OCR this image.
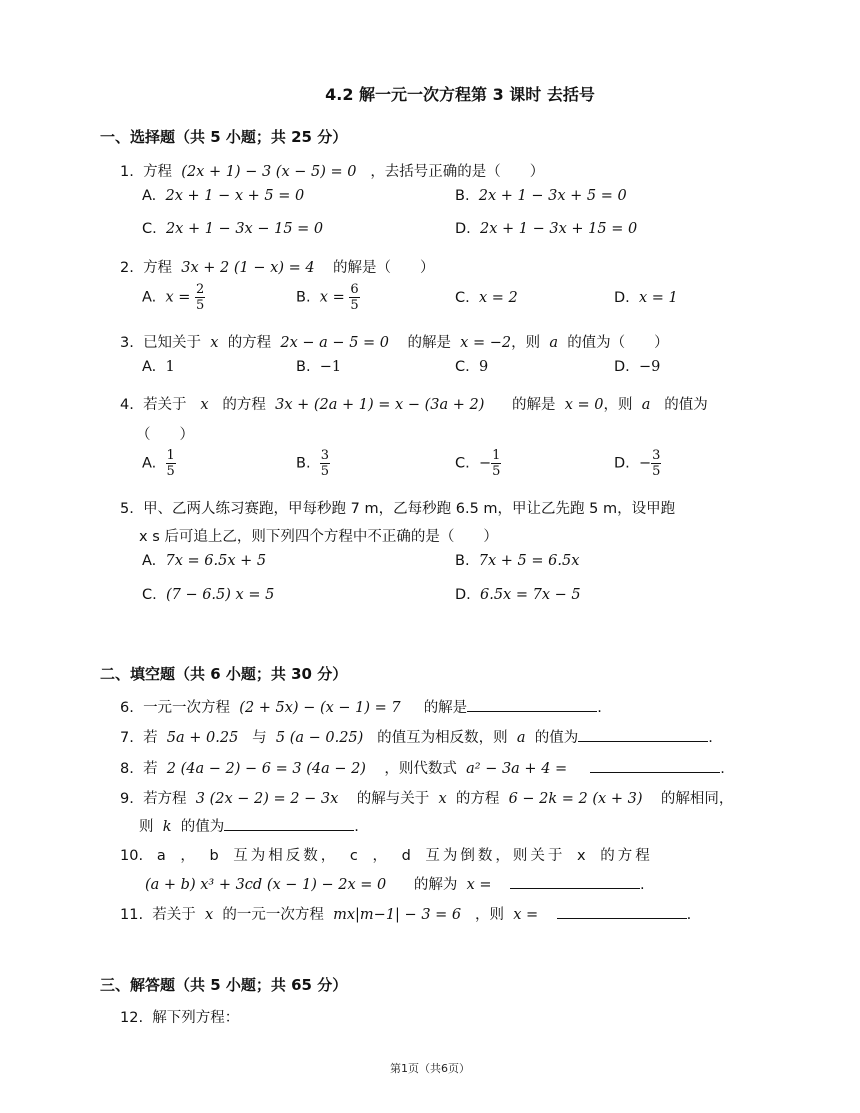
4.2 解一元一次方程第 3 课时 去括号
一、选择题（共 5 小题；共 25 分）
1. 方程 (2x + 1) − 3 (x − 5) = 0 ，去括号正确的是（　　）
A. 2x + 1 − x + 5 = 0	B. 2x + 1 − 3x + 5 = 0
C. 2x + 1 − 3x − 15 = 0	D. 2x + 1 − 3x + 15 = 0
2. 方程 3x + 2 (1 − x) = 4 的解是（　　）
A. $x = \frac{2}{5}$	B. $x = \frac{6}{5}$	C. x = 2	D. x = 1
3. 已知关于 x 的方程 2x − a − 5 = 0 的解是 x = −2，则 a 的值为（　　）
A. 1	B. −1	C. 9	D. −9
4. 若关于 x 的方程 3x + (2a + 1) = x − (3a + 2) 的解是 x = 0，则 a 的值为
（　　）
A. $\frac{1}{5}$	B. $\frac{3}{5}$	C. − $\frac{1}{5}$	D. − $\frac{3}{5}$
5. 甲、乙两人练习赛跑，甲每秒跑 7 m，乙每秒跑 6.5 m，甲让乙先跑 5 m，设甲跑
x s 后可追上乙，则下列四个方程中不正确的是（　　）
A. 7x = 6.5x + 5	B. 7x + 5 = 6.5x
C. (7 − 6.5) x = 5	D. 6.5x = 7x − 5
二、填空题（共 6 小题；共 30 分）
6. 一元一次方程 (2 + 5x) − (x − 1) = 7 的解是	.
7. 若 5a + 0.25 与 5 (a − 0.25) 的值互为相反数，则 a 的值为	.
8. 若 2 (4a − 2) − 6 = 3 (4a − 2) ，则代数式 a² − 3a + 4 =	.
9. 若方程 3 (2x − 2) = 2 − 3x 的解与关于 x 的方程 6 − 2k = 2 (x + 3) 的解相同，
则 k 的值为	.
10. a ， b 互为相反数， c ， d 互为倒数，则关于 x 的方程
(a + b) x³ + 3cd (x − 1) − 2x = 0 的解为 x =	.
11. 若关于 x 的一元一次方程 mx|m−1| − 3 = 6 ，则 x =	.
三、解答题（共 5 小题；共 65 分）
12. 解下列方程：
第1页（共6页）
